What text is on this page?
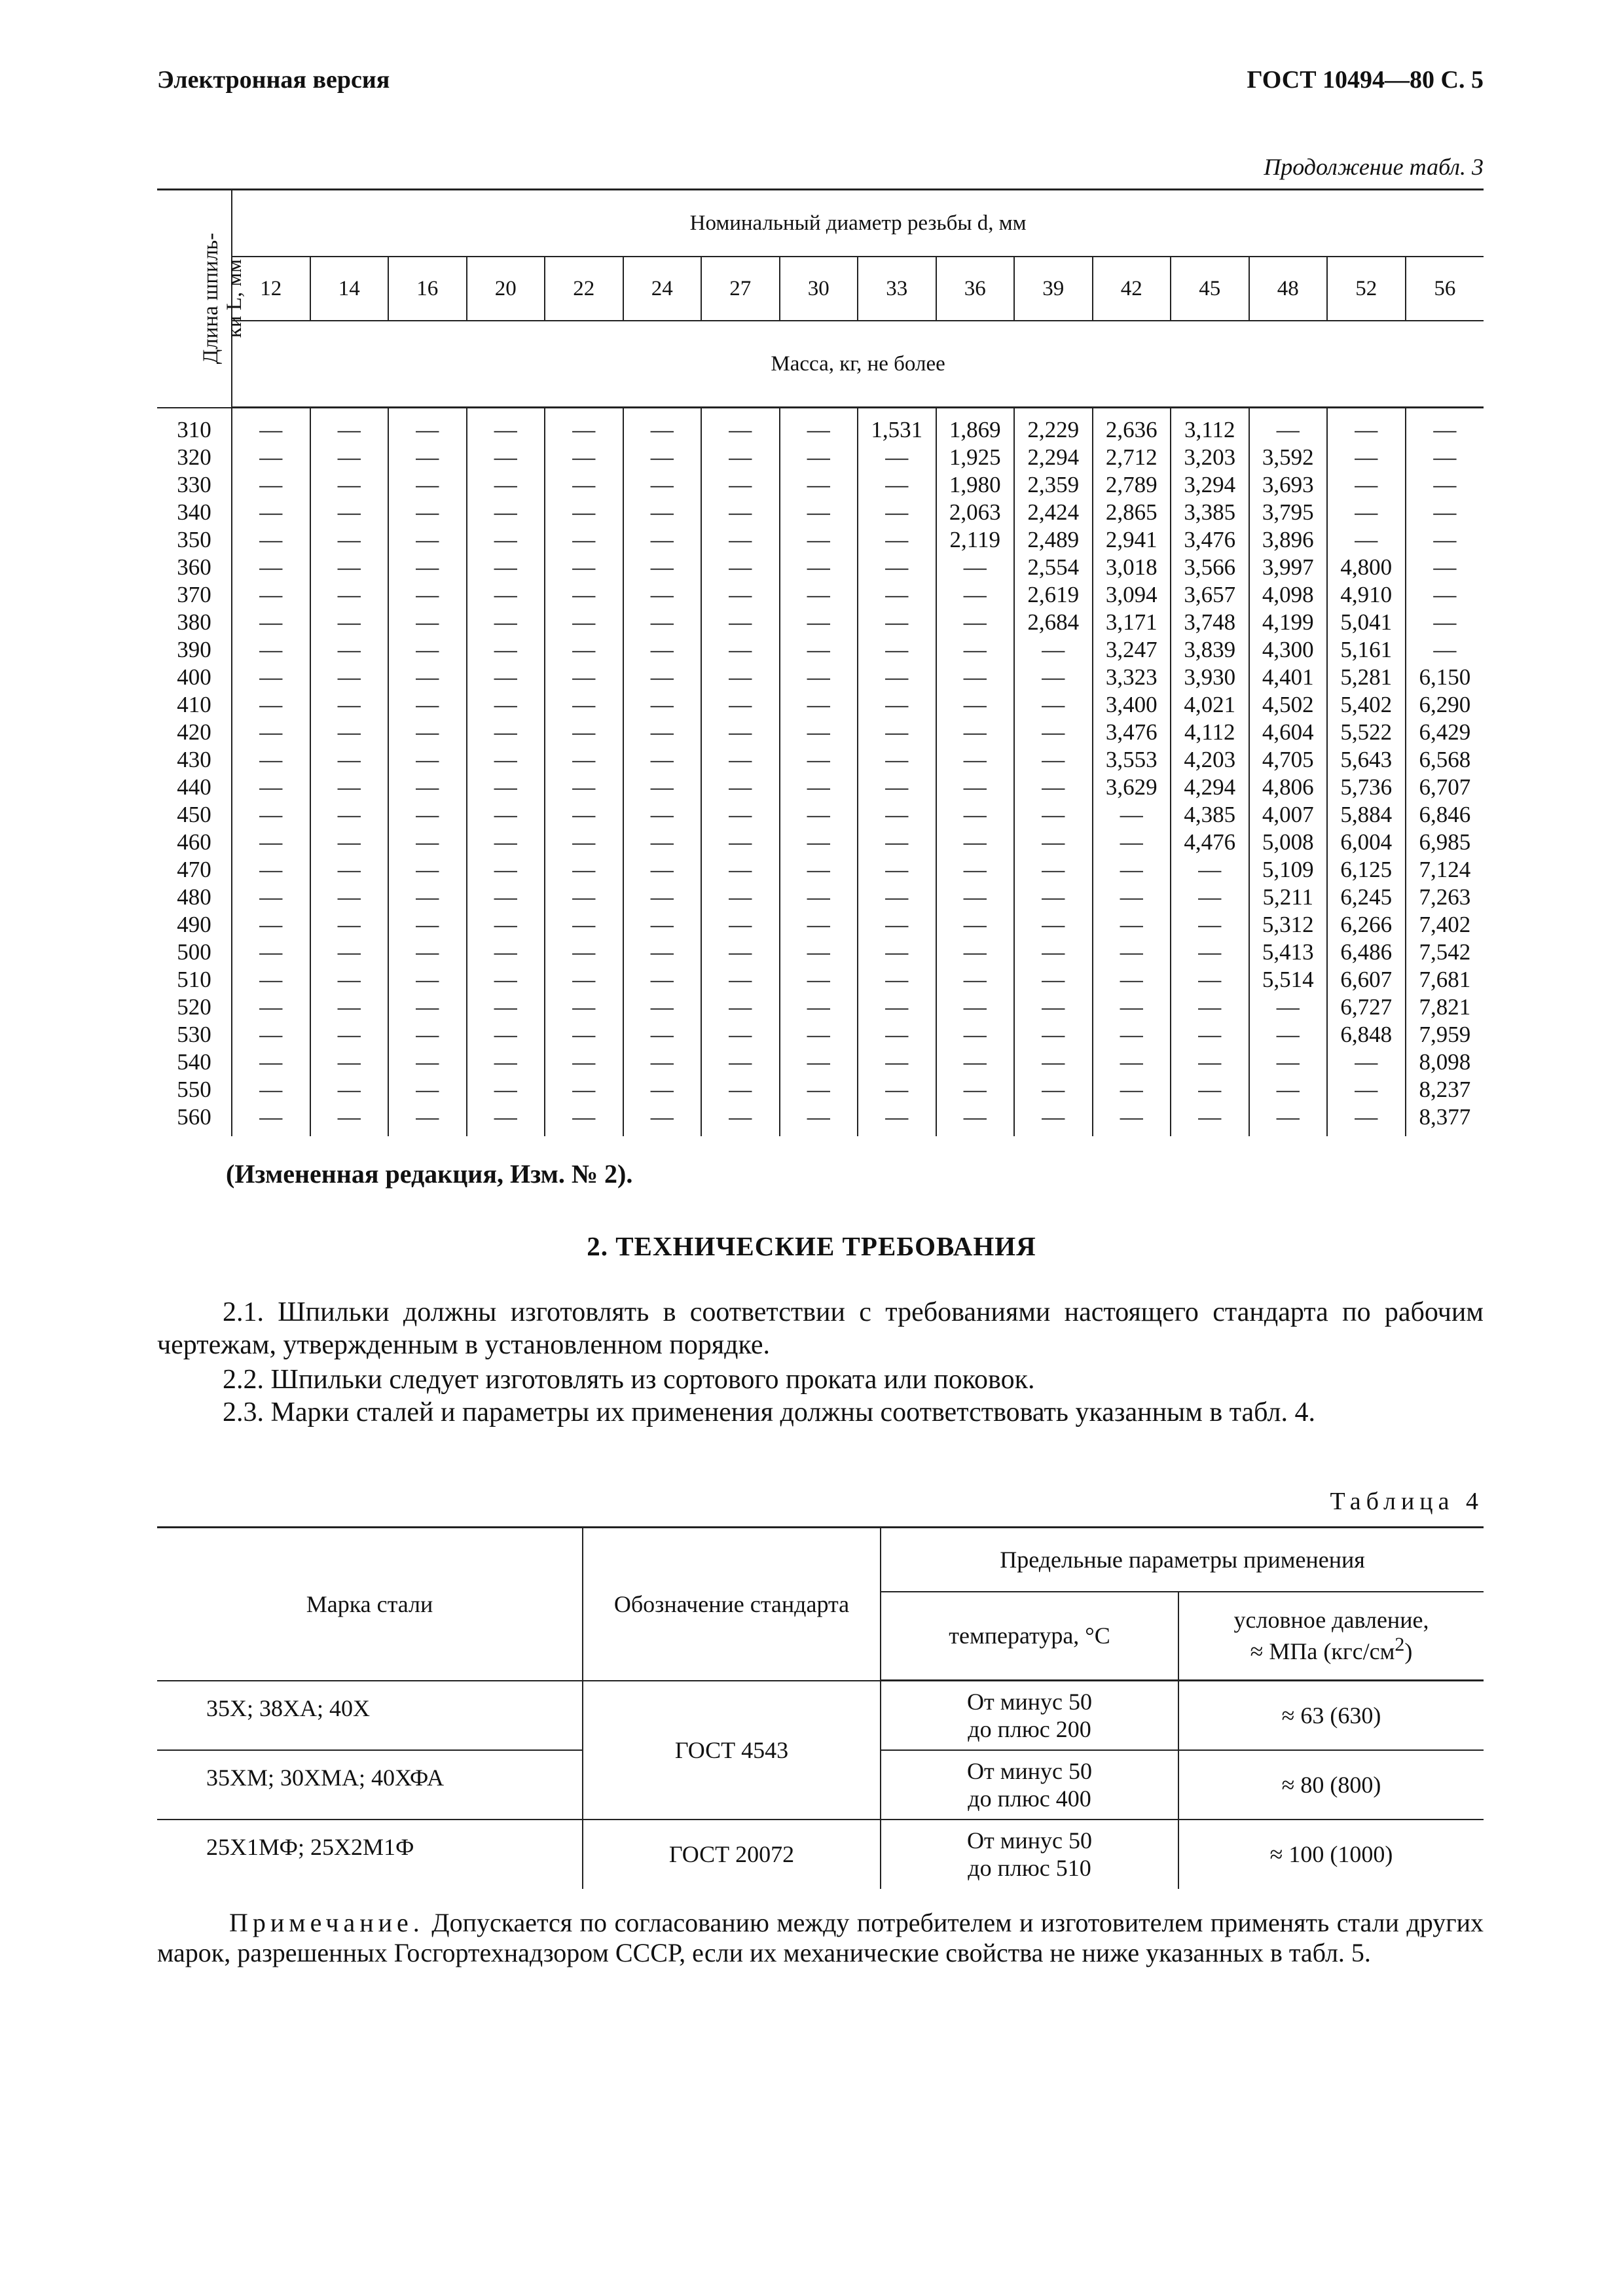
Электронная версия	ГОСТ 10494—80 С. 5
Продолжение табл. 3
Длина шпиль-
ки L, мм	Номинальный диаметр резьбы d, мм															
	12	14	16	20	22	24	27	30	33	36	39	42	45	48	52	56
	Масса, кг, не более															
310	—	—	—	—	—	—	—	—	1,531	1,869	2,229	2,636	3,112	—	—	—
320	—	—	—	—	—	—	—	—	—	1,925	2,294	2,712	3,203	3,592	—	—
330	—	—	—	—	—	—	—	—	—	1,980	2,359	2,789	3,294	3,693	—	—
340	—	—	—	—	—	—	—	—	—	2,063	2,424	2,865	3,385	3,795	—	—
350	—	—	—	—	—	—	—	—	—	2,119	2,489	2,941	3,476	3,896	—	—
360	—	—	—	—	—	—	—	—	—	—	2,554	3,018	3,566	3,997	4,800	—
370	—	—	—	—	—	—	—	—	—	—	2,619	3,094	3,657	4,098	4,910	—
380	—	—	—	—	—	—	—	—	—	—	2,684	3,171	3,748	4,199	5,041	—
390	—	—	—	—	—	—	—	—	—	—	—	3,247	3,839	4,300	5,161	—
400	—	—	—	—	—	—	—	—	—	—	—	3,323	3,930	4,401	5,281	6,150
410	—	—	—	—	—	—	—	—	—	—	—	3,400	4,021	4,502	5,402	6,290
420	—	—	—	—	—	—	—	—	—	—	—	3,476	4,112	4,604	5,522	6,429
430	—	—	—	—	—	—	—	—	—	—	—	3,553	4,203	4,705	5,643	6,568
440	—	—	—	—	—	—	—	—	—	—	—	3,629	4,294	4,806	5,736	6,707
450	—	—	—	—	—	—	—	—	—	—	—	—	4,385	4,007	5,884	6,846
460	—	—	—	—	—	—	—	—	—	—	—	—	4,476	5,008	6,004	6,985
470	—	—	—	—	—	—	—	—	—	—	—	—	—	5,109	6,125	7,124
480	—	—	—	—	—	—	—	—	—	—	—	—	—	5,211	6,245	7,263
490	—	—	—	—	—	—	—	—	—	—	—	—	—	5,312	6,266	7,402
500	—	—	—	—	—	—	—	—	—	—	—	—	—	5,413	6,486	7,542
510	—	—	—	—	—	—	—	—	—	—	—	—	—	5,514	6,607	7,681
520	—	—	—	—	—	—	—	—	—	—	—	—	—	—	6,727	7,821
530	—	—	—	—	—	—	—	—	—	—	—	—	—	—	6,848	7,959
540	—	—	—	—	—	—	—	—	—	—	—	—	—	—	—	8,098
550	—	—	—	—	—	—	—	—	—	—	—	—	—	—	—	8,237
560	—	—	—	—	—	—	—	—	—	—	—	—	—	—	—	8,377
(Измененная редакция, Изм. № 2).
2. ТЕХНИЧЕСКИЕ ТРЕБОВАНИЯ
2.1. Шпильки должны изготовлять в соответствии с требованиями настоящего стандарта по рабочим чертежам, утвержденным в установленном порядке.
2.2. Шпильки следует изготовлять из сортового проката или поковок.
2.3. Марки сталей и параметры их применения должны соответствовать указанным в табл. 4.
Таблица 4
Марка стали	Обозначение стандарта	Предельные параметры применения	
		температура, °С	условное давление,
≈ МПа $(кгс/см^2)$
35Х; 38ХА; 40Х	ГОСТ 4543	От минус 50
до плюс 200	≈ 63 (630)
35ХМ; 30ХМА; 40ХФА		От минус 50
до плюс 400	≈ 80 (800)
25Х1МФ; 25Х2М1Ф	ГОСТ 20072	От минус 50
до плюс 510	≈ 100 (1000)
Примечание. Допускается по согласованию между потребителем и изготовителем применять стали других марок, разрешенных Госгортехнадзором СССР, если их механические свойства не ниже указанных в табл. 5.
